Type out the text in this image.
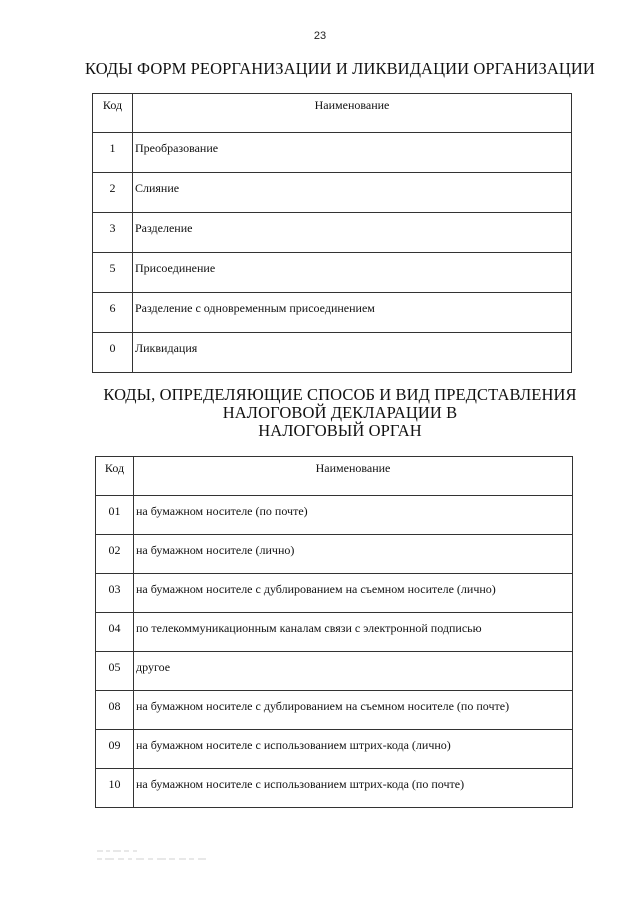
23
КОДЫ ФОРМ РЕОРГАНИЗАЦИИ И ЛИКВИДАЦИИ ОРГАНИЗАЦИИ
Код	Наименование

1	Преобразование

2	Слияние

3	Разделение

5	Присоединение

6	Разделение с одновременным присоединением

0	Ликвидация
КОДЫ, ОПРЕДЕЛЯЮЩИЕ СПОСОБ И ВИД ПРЕДСТАВЛЕНИЯ
НАЛОГОВОЙ ДЕКЛАРАЦИИ В
НАЛОГОВЫЙ ОРГАН
Код	Наименование

01	на бумажном носителе (по почте)

02	на бумажном носителе (лично)

03	на бумажном носителе с дублированием на съемном носителе (лично)

04	по телекоммуникационным каналам связи с электронной подписью

05	другое

08	на бумажном носителе с дублированием на съемном носителе (по почте)

09	на бумажном носителе с использованием штрих-кода (лично)

10	на бумажном носителе с использованием штрих-кода (по почте)
